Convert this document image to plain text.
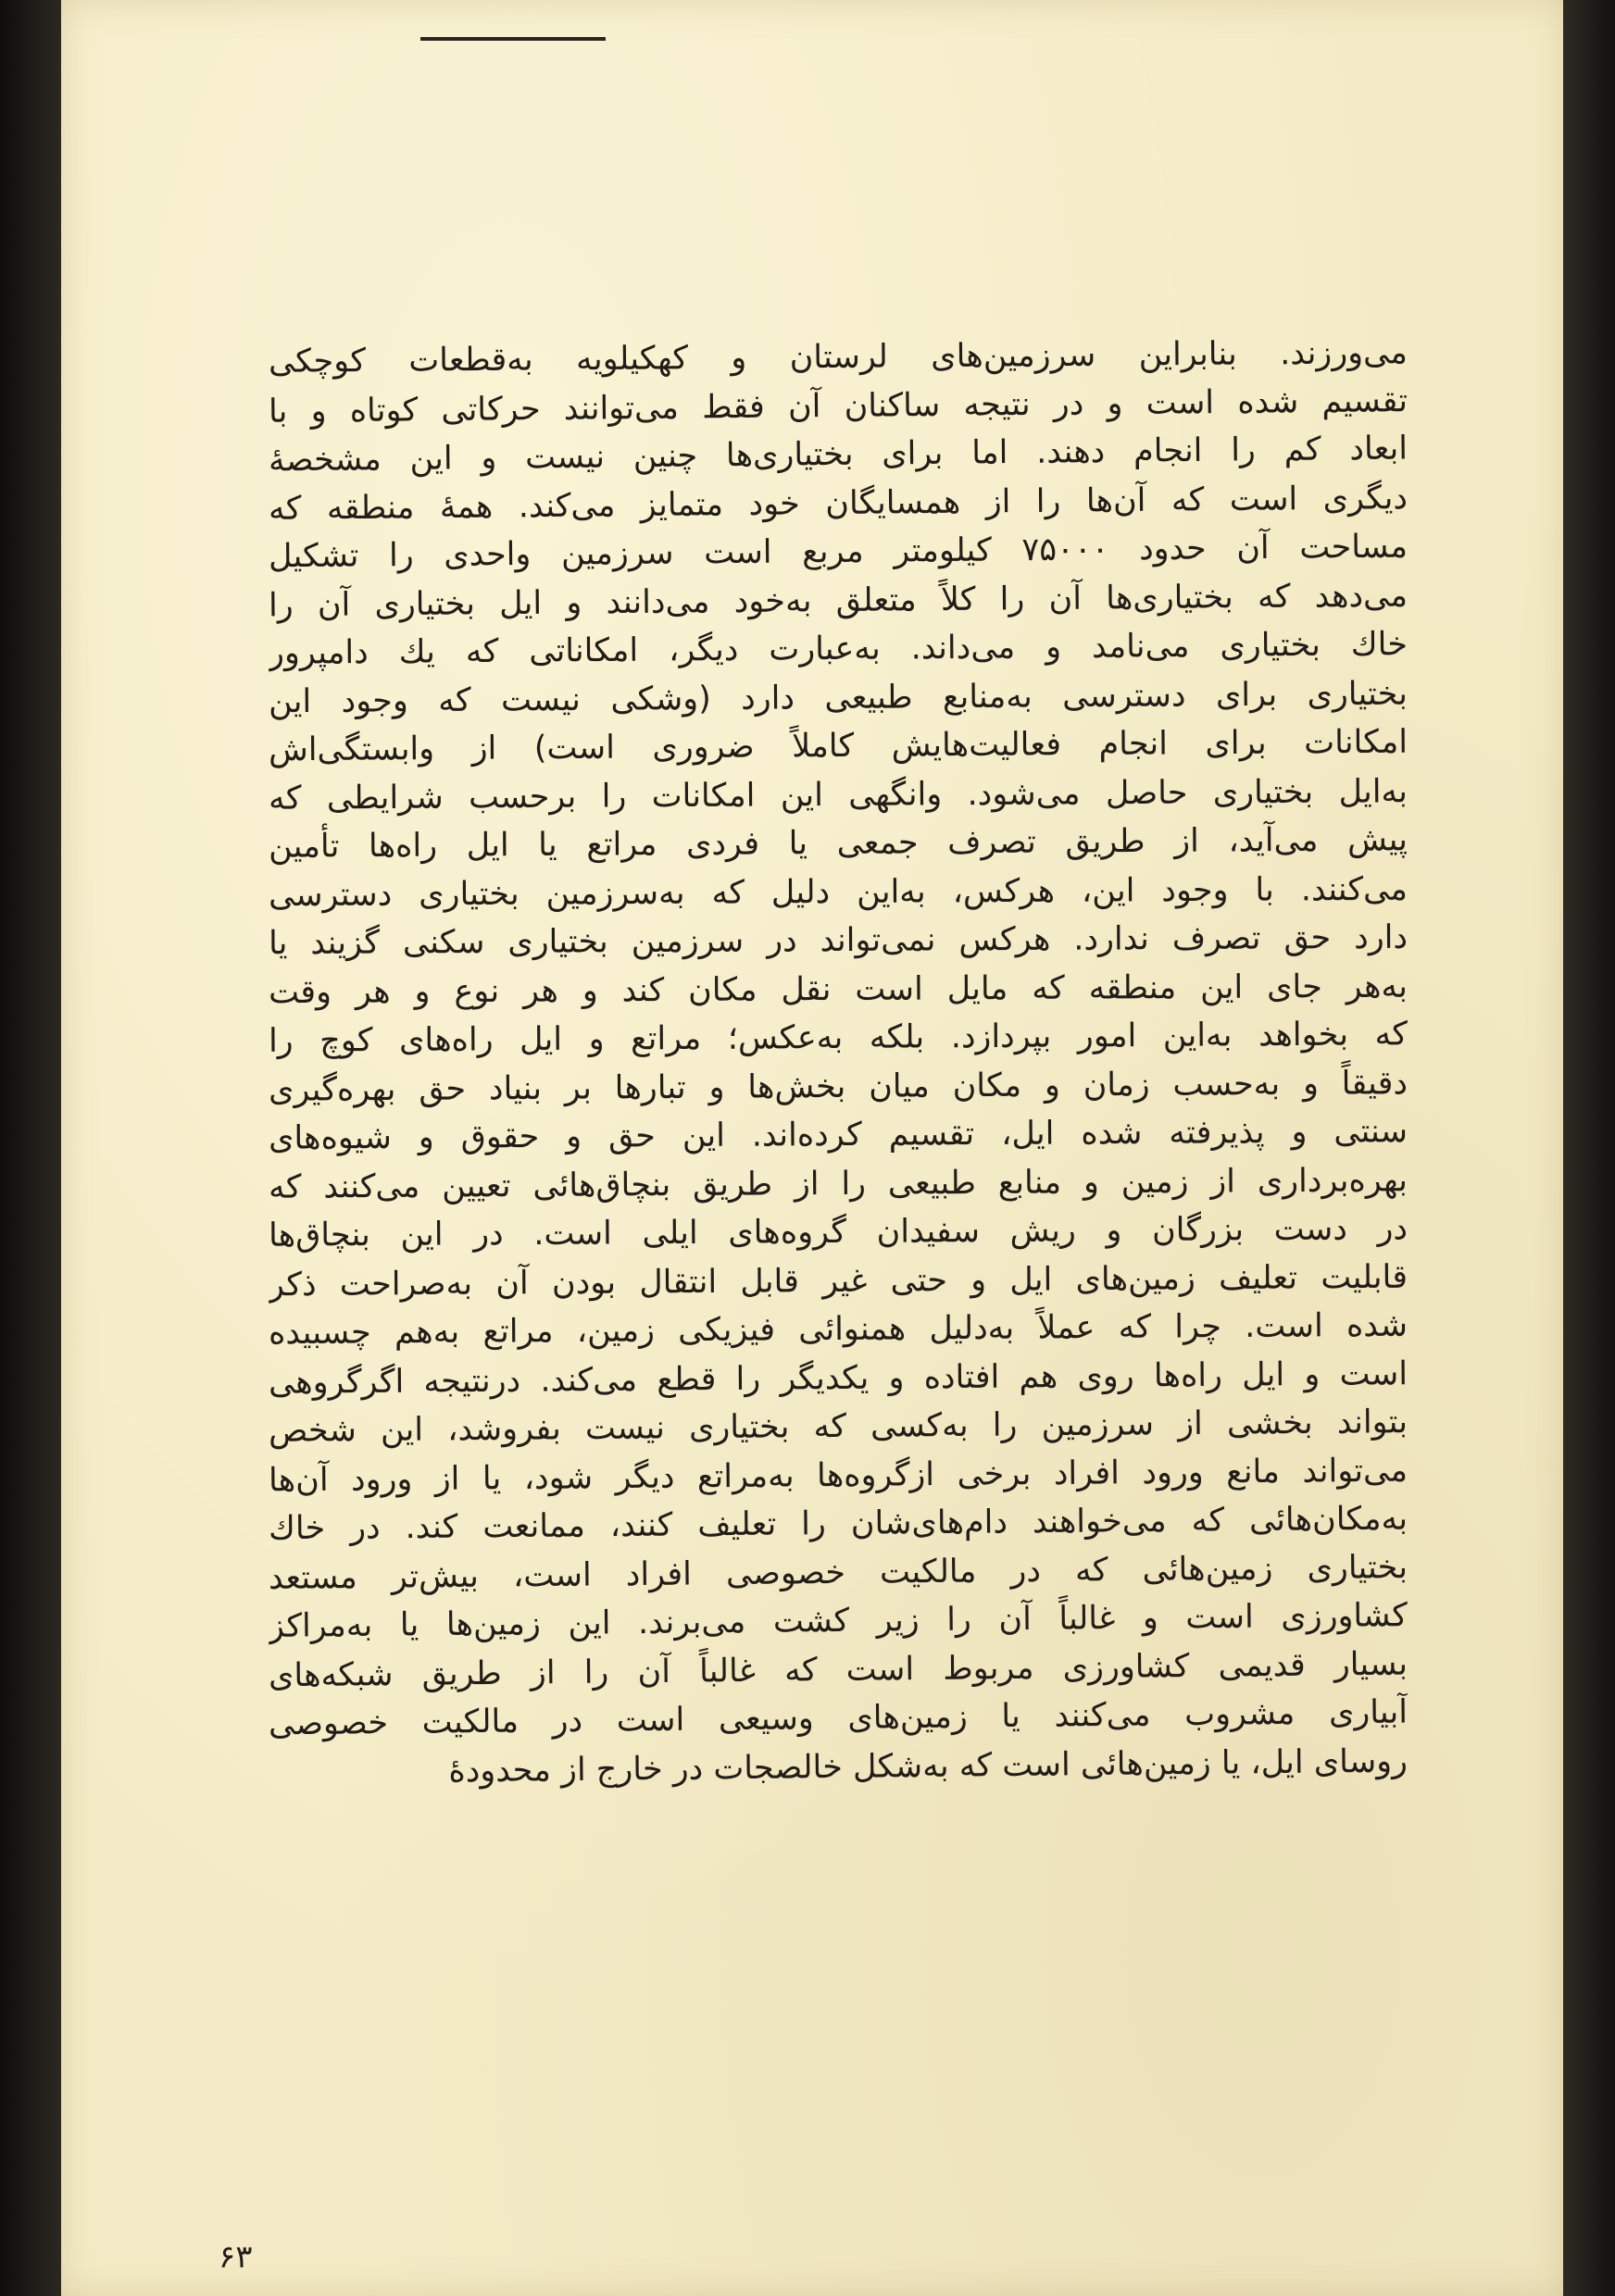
می‌ورزند. بنابراین سرزمین‌های لرستان و کهکیلویه به‌قطعات کوچکی
تقسیم شده است و در نتیجه ساکنان آن فقط می‌توانند حرکاتی کوتاه و با
ابعاد کم را انجام دهند. اما برای بختیاری‌ها چنین نیست و این مشخصهٔ
دیگری است که آن‌ها را از همسایگان خود متمایز می‌کند. همهٔ منطقه که
مساحت آن حدود ۷۵۰۰۰ کیلومتر مربع است سرزمین واحدی را تشکیل
می‌دهد که بختیاری‌ها آن را کلاً متعلق به‌خود می‌دانند و ایل بختیاری آن را
خاك بختیاری می‌نامد و می‌داند. به‌عبارت دیگر، امکاناتی که یك دامپرور
بختیاری برای دسترسی به‌منابع طبیعی دارد (وشکی نیست که وجود این
امکانات برای انجام فعالیت‌هایش کاملاً ضروری است) از وابستگی‌اش
به‌ایل بختیاری حاصل می‌شود. وانگهی این امکانات را برحسب شرایطی که
پیش می‌آید، از طریق تصرف جمعی یا فردی مراتع یا ایل راه‌ها تأمین
می‌کنند. با وجود این، هرکس، به‌این دلیل که به‌سرزمین بختیاری دسترسی
دارد حق تصرف ندارد. هرکس نمی‌تواند در سرزمین بختیاری سکنی گزیند یا
به‌هر جای این منطقه که مایل است نقل مکان کند و هر نوع و هر وقت
که بخواهد به‌این امور بپردازد. بلکه به‌عکس؛ مراتع و ایل راه‌های کوچ را
دقیقاً و به‌حسب زمان و مکان میان بخش‌ها و تبارها بر بنیاد حق بهره‌گیری
سنتی و پذیرفته شده ایل، تقسیم کرده‌اند. این حق و حقوق و شیوه‌های
بهره‌برداری از زمین و منابع طبیعی را از طریق بنچاق‌هائی تعیین می‌کنند که
در دست بزرگان و ریش سفیدان گروه‌های ایلی است. در این بنچاق‌ها
قابلیت تعلیف زمین‌های ایل و حتی غیر قابل انتقال بودن آن به‌صراحت ذکر
شده است. چرا که عملاً به‌دلیل همنوائی فیزیکی زمین، مراتع به‌هم چسبیده
است و ایل راه‌ها روی هم افتاده و یکدیگر را قطع می‌کند. درنتیجه اگرگروهی
بتواند بخشی از سرزمین را به‌کسی که بختیاری نیست بفروشد، این شخص
می‌تواند مانع ورود افراد برخی ازگروه‌ها به‌مراتع دیگر شود، یا از ورود آن‌ها
به‌مکان‌هائی که می‌خواهند دام‌های‌شان را تعلیف کنند، ممانعت کند. در خاك
بختیاری زمین‌هائی که در مالکیت خصوصی افراد است، بیش‌تر مستعد
کشاورزی است و غالباً آن را زیر کشت می‌برند. این زمین‌ها یا به‌مراکز
بسیار قدیمی کشاورزی مربوط است که غالباً آن را از طریق شبکه‌های
آبیاری مشروب می‌کنند یا زمین‌های وسیعی است در مالکیت خصوصی
روسای ایل، یا زمین‌هائی است که به‌شکل خالصجات در خارج از محدودهٔ
۶۳
